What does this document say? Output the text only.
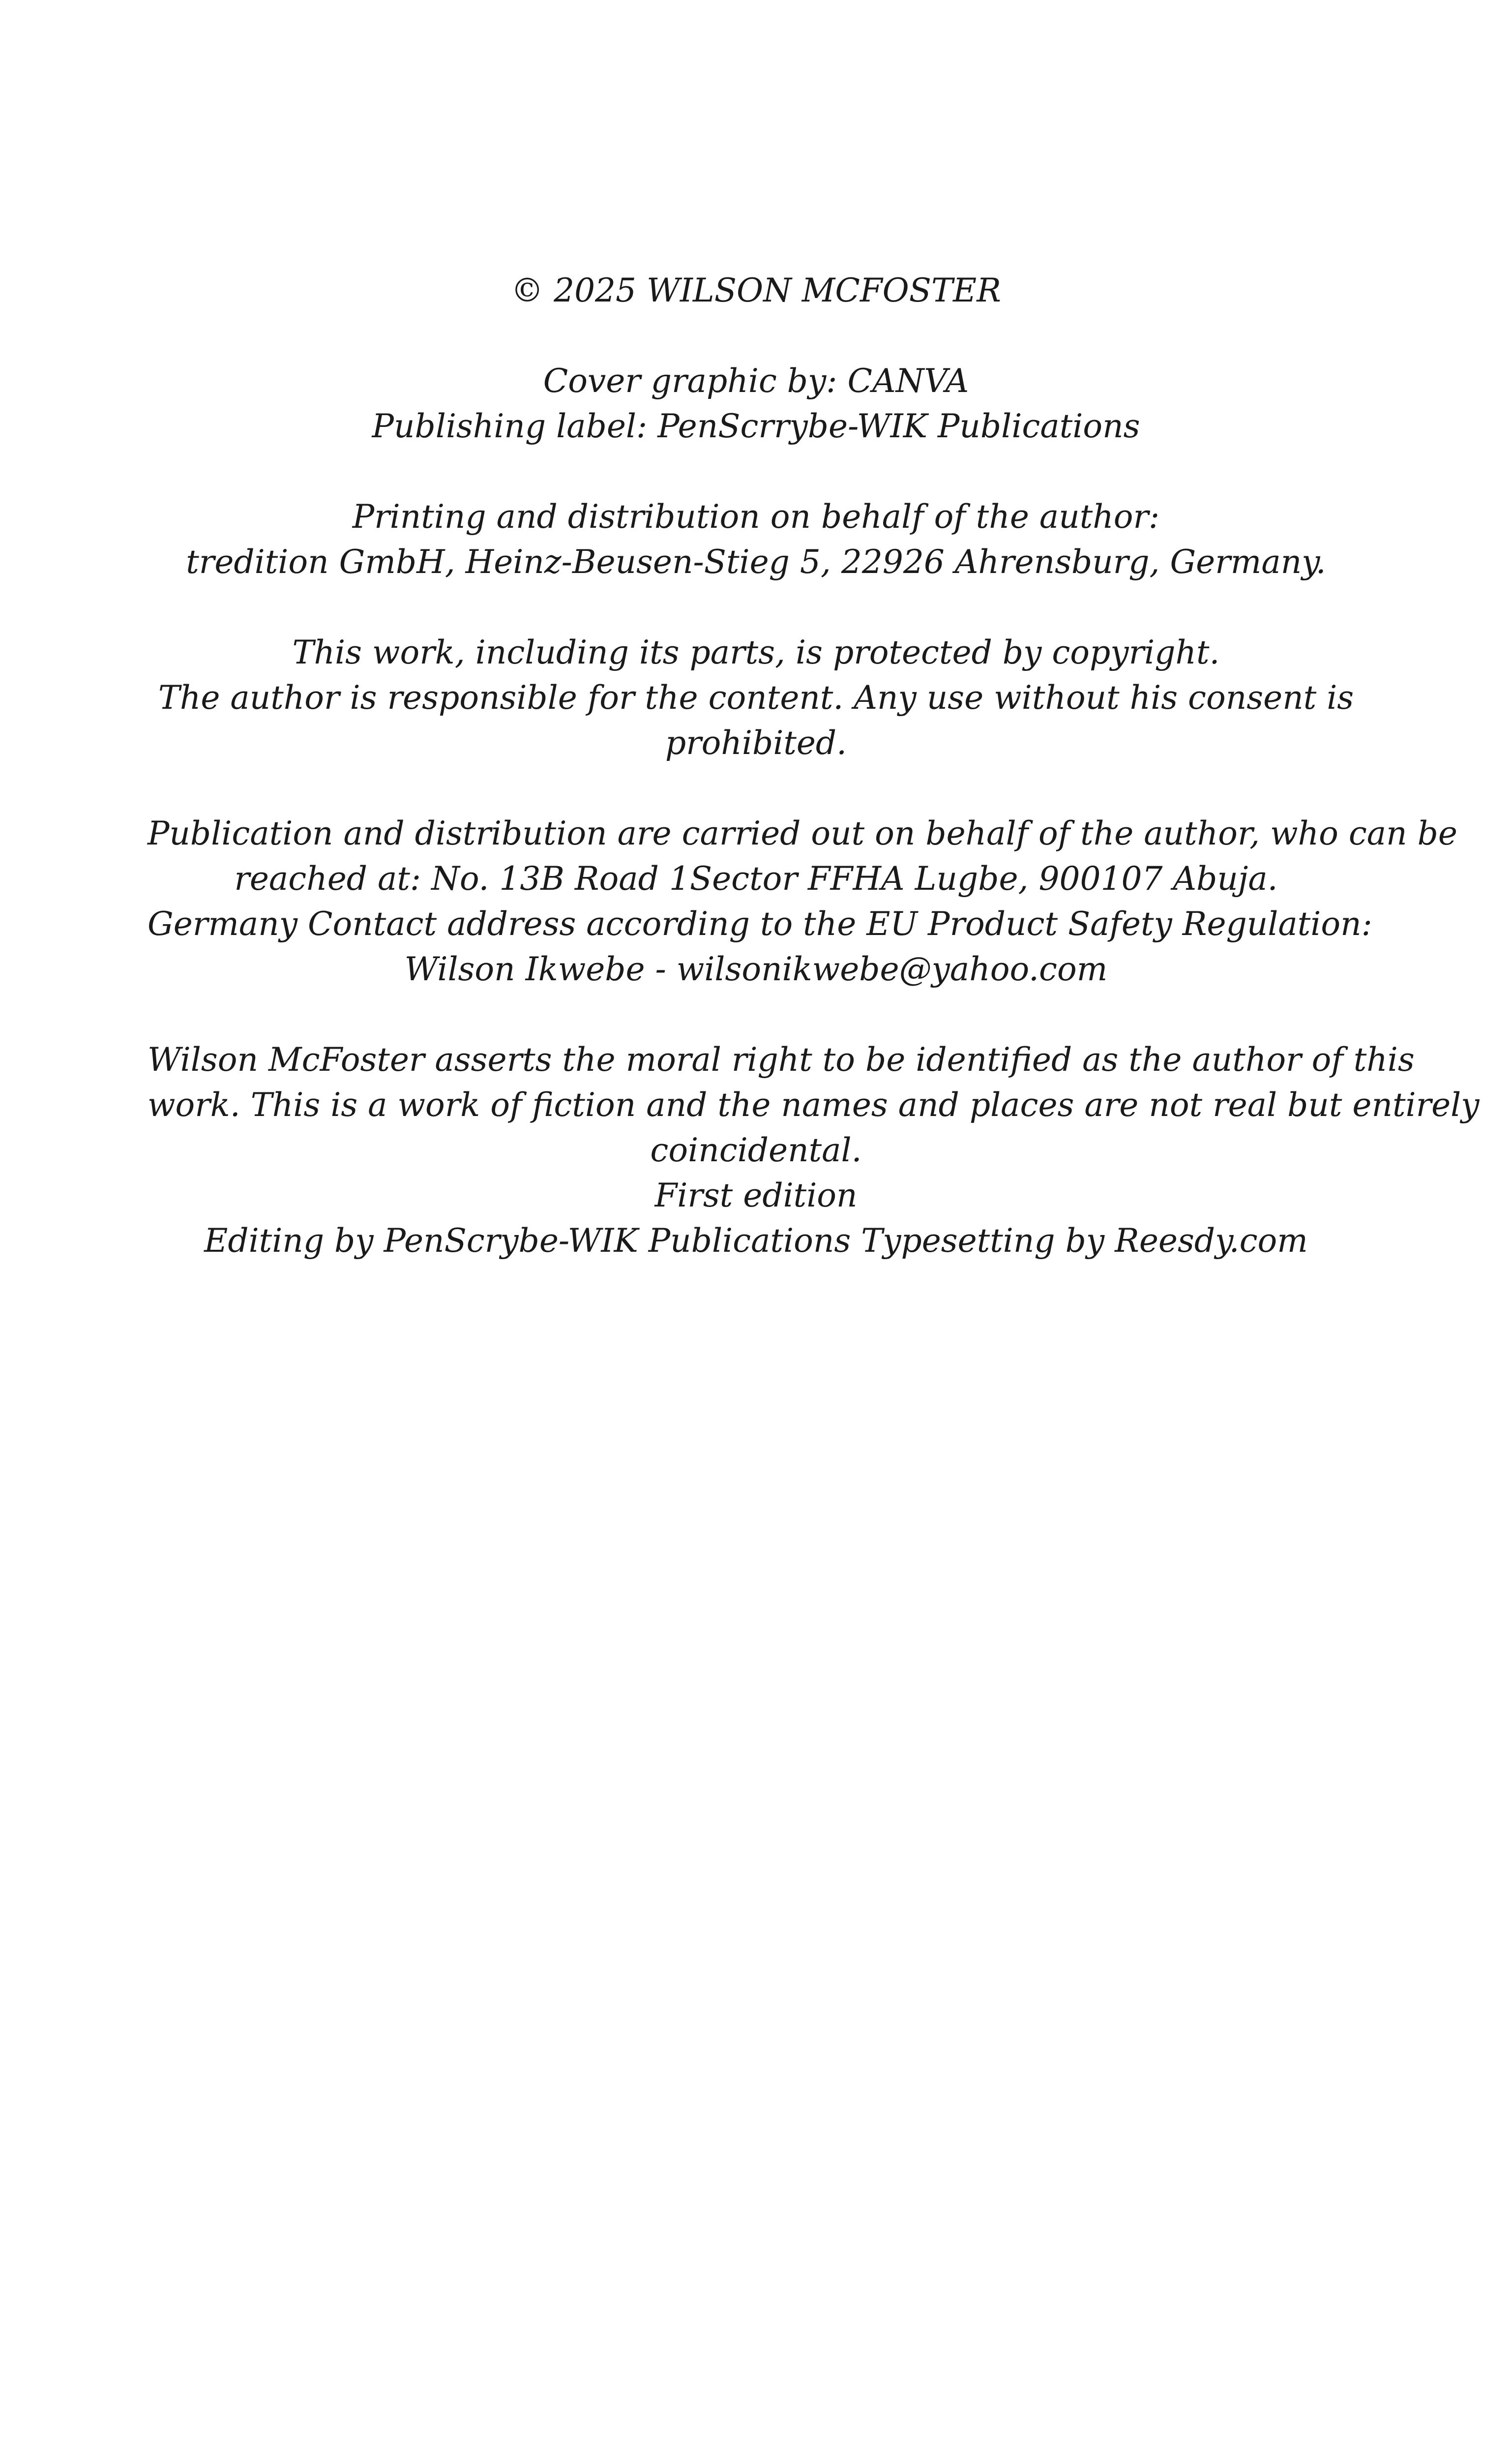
© 2025 WILSON MCFOSTER
Cover graphic by: CANVA
Publishing label: PenScrrybe-WIK Publications
Printing and distribution on behalf of the author:
tredition GmbH, Heinz-Beusen-Stieg 5, 22926 Ahrensburg, Germany.
This work, including its parts, is protected by copyright.
The author is responsible for the content. Any use without his consent is
prohibited.
Publication and distribution are carried out on behalf of the author, who can be
reached at: No. 13B Road 1Sector FFHA Lugbe, 900107 Abuja.
Germany Contact address according to the EU Product Safety Regulation:
Wilson Ikwebe - wilsonikwebe@yahoo.com
Wilson McFoster asserts the moral right to be identified as the author of this
work. This is a work of fiction and the names and places are not real but entirely
coincidental.
First edition
Editing by PenScrybe-WIK Publications Typesetting by Reesdy.com
